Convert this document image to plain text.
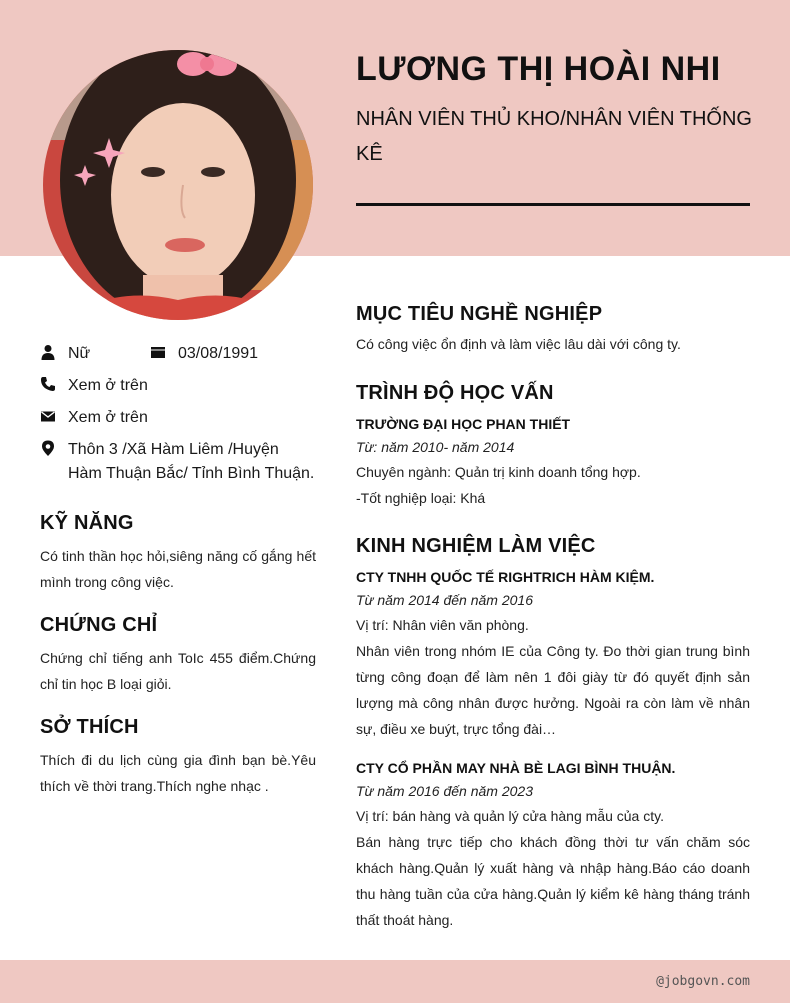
LƯƠNG THỊ HOÀI NHI
NHÂN VIÊN THỦ KHO/NHÂN VIÊN THỐNG KÊ
Nữ	03/08/1991
Xem ở trên
Xem ở trên
Thôn 3 /Xã Hàm Liêm /Huyện
Hàm Thuận Bắc/ Tỉnh Bình Thuận.
KỸ NĂNG
Có tinh thần học hỏi,siêng năng cố gắng hết mình trong công việc.
CHỨNG CHỈ
Chứng chỉ tiếng anh ToIc 455 điểm.Chứng chỉ tin học B loại giỏi.
SỞ THÍCH
Thích đi du lịch cùng gia đình bạn bè.Yêu thích về thời trang.Thích nghe nhạc .
MỤC TIÊU NGHỀ NGHIỆP
Có công việc ổn định và làm việc lâu dài với công ty.
TRÌNH ĐỘ HỌC VẤN
TRƯỜNG ĐẠI HỌC PHAN THIẾT
Từ: năm 2010- năm 2014
Chuyên ngành: Quản trị kinh doanh tổng hợp.
-Tốt nghiệp loại: Khá
KINH NGHIỆM LÀM VIỆC
CTY TNHH QUỐC TẾ RIGHTRICH HÀM KIỆM.
Từ năm 2014 đến năm 2016
Vị trí: Nhân viên văn phòng.
Nhân viên trong nhóm IE của Công ty. Đo thời gian trung bình từng công đoạn để làm nên 1 đôi giày từ đó quyết định sản lượng mà công nhân được hưởng. Ngoài ra còn làm về nhân sự, điều xe buýt, trực tổng đài…
CTY CỔ PHẦN MAY NHÀ BÈ LAGI BÌNH THUẬN.
Từ năm 2016 đến năm 2023
Vị trí: bán hàng và quản lý cửa hàng mẫu của cty.
Bán hàng trực tiếp cho khách đồng thời tư vấn chăm sóc khách hàng.Quản lý xuất hàng và nhập hàng.Báo cáo doanh thu hàng tuần của cửa hàng.Quản lý kiểm kê hàng tháng tránh thất thoát hàng.
@jobgovn.com
